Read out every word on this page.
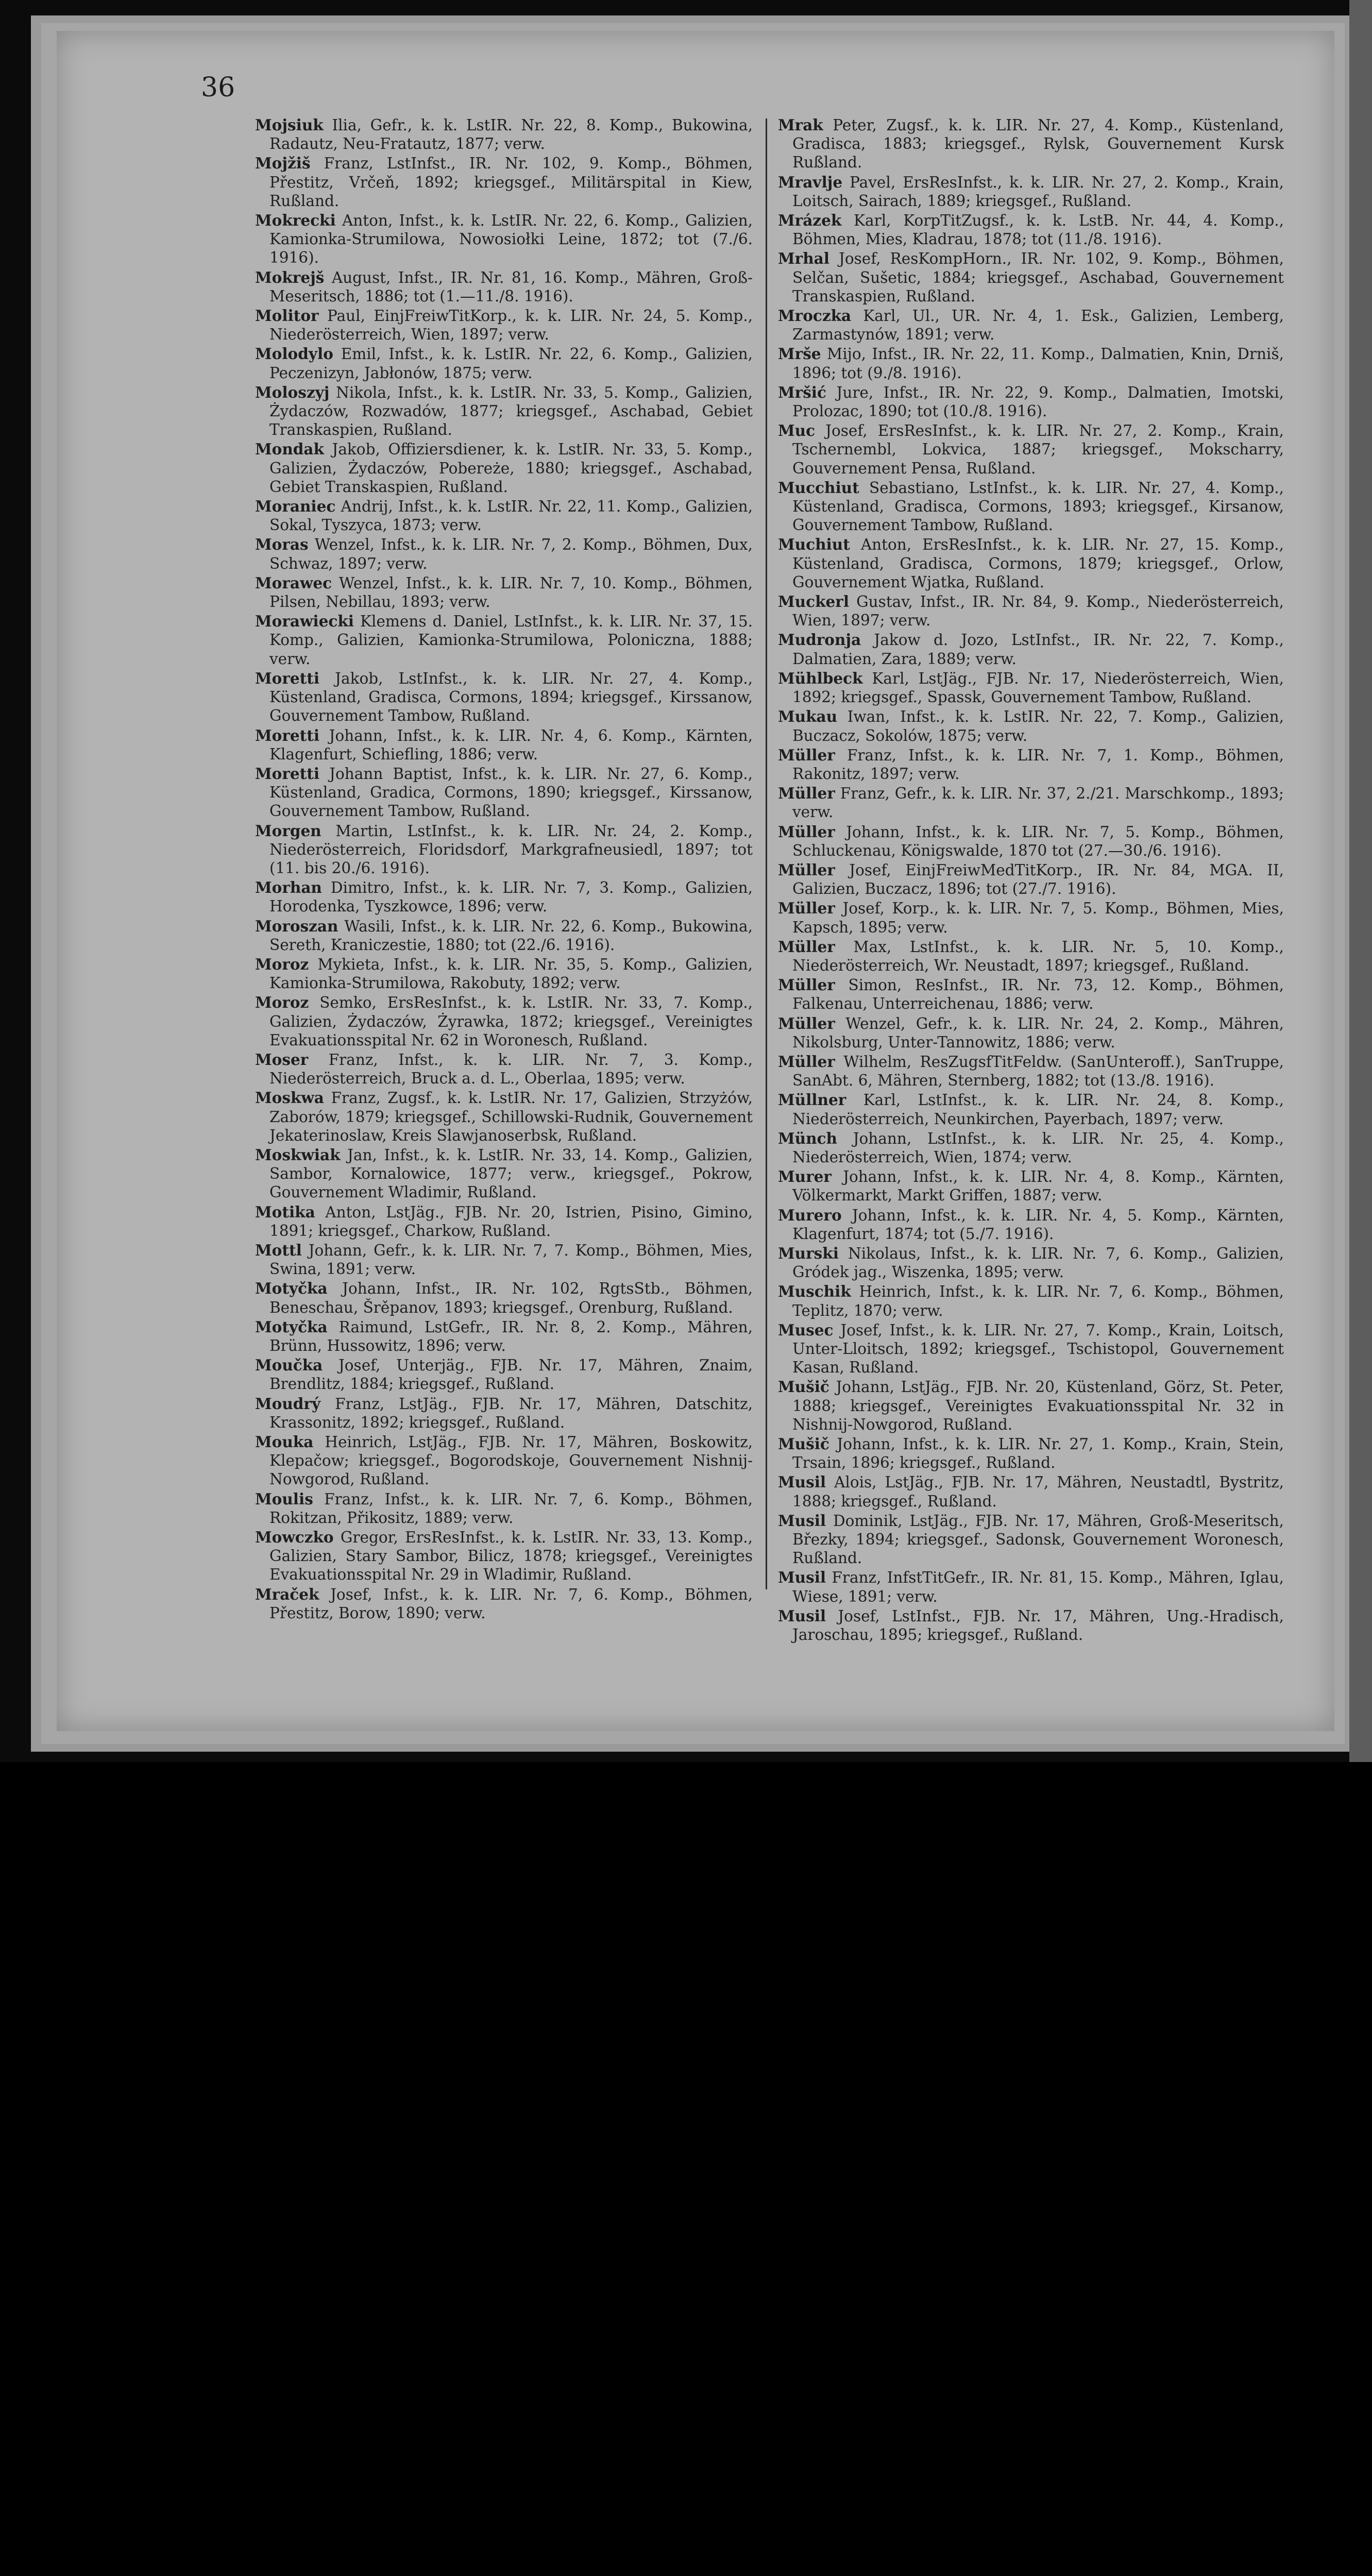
36
Mojsiuk Ilia, Gefr., k. k. LstIR. Nr. 22, 8. Komp., Bukowina, Radautz, Neu-Fratautz, 1877; verw.
Mojžiš Franz, LstInfst., IR. Nr. 102, 9. Komp., Böhmen, Přestitz, Vrčeň, 1892; kriegsgef., Militärspital in Kiew, Rußland.
Mokrecki Anton, Infst., k. k. LstIR. Nr. 22, 6. Komp., Galizien, Kamionka-Strumilowa, Nowosiołki Leine, 1872; tot (7./6. 1916).
Mokrejš August, Infst., IR. Nr. 81, 16. Komp., Mähren, Groß-Meseritsch, 1886; tot (1.—11./8. 1916).
Molitor Paul, EinjFreiwTitKorp., k. k. LIR. Nr. 24, 5. Komp., Niederösterreich, Wien, 1897; verw.
Molodylo Emil, Infst., k. k. LstIR. Nr. 22, 6. Komp., Galizien, Peczenizyn, Jabłonów, 1875; verw.
Moloszyj Nikola, Infst., k. k. LstIR. Nr. 33, 5. Komp., Galizien, Żydaczów, Rozwadów, 1877; kriegsgef., Aschabad, Gebiet Transkaspien, Rußland.
Mondak Jakob, Offiziersdiener, k. k. LstIR. Nr. 33, 5. Komp., Galizien, Żydaczów, Pobereże, 1880; kriegsgef., Aschabad, Gebiet Transkaspien, Rußland.
Moraniec Andrij, Infst., k. k. LstIR. Nr. 22, 11. Komp., Galizien, Sokal, Tyszyca, 1873; verw.
Moras Wenzel, Infst., k. k. LIR. Nr. 7, 2. Komp., Böhmen, Dux, Schwaz, 1897; verw.
Morawec Wenzel, Infst., k. k. LIR. Nr. 7, 10. Komp., Böhmen, Pilsen, Nebillau, 1893; verw.
Morawiecki Klemens d. Daniel, LstInfst., k. k. LIR. Nr. 37, 15. Komp., Galizien, Kamionka-Strumilowa, Poloniczna, 1888; verw.
Moretti Jakob, LstInfst., k. k. LIR. Nr. 27, 4. Komp., Küstenland, Gradisca, Cormons, 1894; kriegsgef., Kirssanow, Gouvernement Tambow, Rußland.
Moretti Johann, Infst., k. k. LIR. Nr. 4, 6. Komp., Kärnten, Klagenfurt, Schiefling, 1886; verw.
Moretti Johann Baptist, Infst., k. k. LIR. Nr. 27, 6. Komp., Küstenland, Gradica, Cormons, 1890; kriegsgef., Kirssanow, Gouvernement Tambow, Rußland.
Morgen Martin, LstInfst., k. k. LIR. Nr. 24, 2. Komp., Niederösterreich, Floridsdorf, Markgrafneusiedl, 1897; tot (11. bis 20./6. 1916).
Morhan Dimitro, Infst., k. k. LIR. Nr. 7, 3. Komp., Galizien, Horodenka, Tyszkowce, 1896; verw.
Moroszan Wasili, Infst., k. k. LIR. Nr. 22, 6. Komp., Bukowina, Sereth, Kraniczestie, 1880; tot (22./6. 1916).
Moroz Mykieta, Infst., k. k. LIR. Nr. 35, 5. Komp., Galizien, Kamionka-Strumilowa, Rakobuty, 1892; verw.
Moroz Semko, ErsResInfst., k. k. LstIR. Nr. 33, 7. Komp., Galizien, Żydaczów, Żyrawka, 1872; kriegsgef., Vereinigtes Evakuationsspital Nr. 62 in Woronesch, Rußland.
Moser Franz, Infst., k. k. LIR. Nr. 7, 3. Komp., Niederösterreich, Bruck a. d. L., Oberlaa, 1895; verw.
Moskwa Franz, Zugsf., k. k. LstIR. Nr. 17, Galizien, Strzyżów, Zaborów, 1879; kriegsgef., Schillowski-Rudnik, Gouvernement Jekaterinoslaw, Kreis Slawjanoserbsk, Rußland.
Moskwiak Jan, Infst., k. k. LstIR. Nr. 33, 14. Komp., Galizien, Sambor, Kornalowice, 1877; verw., kriegsgef., Pokrow, Gouvernement Wladimir, Rußland.
Motika Anton, LstJäg., FJB. Nr. 20, Istrien, Pisino, Gimino, 1891; kriegsgef., Charkow, Rußland.
Mottl Johann, Gefr., k. k. LIR. Nr. 7, 7. Komp., Böhmen, Mies, Swina, 1891; verw.
Motyčka Johann, Infst., IR. Nr. 102, RgtsStb., Böhmen, Beneschau, Šrěpanov, 1893; kriegsgef., Orenburg, Rußland.
Motyčka Raimund, LstGefr., IR. Nr. 8, 2. Komp., Mähren, Brünn, Hussowitz, 1896; verw.
Moučka Josef, Unterjäg., FJB. Nr. 17, Mähren, Znaim, Brendlitz, 1884; kriegsgef., Rußland.
Moudrý Franz, LstJäg., FJB. Nr. 17, Mähren, Datschitz, Krassonitz, 1892; kriegsgef., Rußland.
Mouka Heinrich, LstJäg., FJB. Nr. 17, Mähren, Boskowitz, Klepačow; kriegsgef., Bogorodskoje, Gouvernement Nishnij-Nowgorod, Rußland.
Moulis Franz, Infst., k. k. LIR. Nr. 7, 6. Komp., Böhmen, Rokitzan, Přikositz, 1889; verw.
Mowczko Gregor, ErsResInfst., k. k. LstIR. Nr. 33, 13. Komp., Galizien, Stary Sambor, Bilicz, 1878; kriegsgef., Vereinigtes Evakuationsspital Nr. 29 in Wladimir, Rußland.
Mraček Josef, Infst., k. k. LIR. Nr. 7, 6. Komp., Böhmen, Přestitz, Borow, 1890; verw.
Mrak Peter, Zugsf., k. k. LIR. Nr. 27, 4. Komp., Küstenland, Gradisca, 1883; kriegsgef., Rylsk, Gouvernement Kursk Rußland.
Mravlje Pavel, ErsResInfst., k. k. LIR. Nr. 27, 2. Komp., Krain, Loitsch, Sairach, 1889; kriegsgef., Rußland.
Mrázek Karl, KorpTitZugsf., k. k. LstB. Nr. 44, 4. Komp., Böhmen, Mies, Kladrau, 1878; tot (11./8. 1916).
Mrhal Josef, ResKompHorn., IR. Nr. 102, 9. Komp., Böhmen, Selčan, Sušetic, 1884; kriegsgef., Aschabad, Gouvernement Transkaspien, Rußland.
Mroczka Karl, Ul., UR. Nr. 4, 1. Esk., Galizien, Lemberg, Zarmastynów, 1891; verw.
Mrše Mijo, Infst., IR. Nr. 22, 11. Komp., Dalmatien, Knin, Drniš, 1896; tot (9./8. 1916).
Mršić Jure, Infst., IR. Nr. 22, 9. Komp., Dalmatien, Imotski, Prolozac, 1890; tot (10./8. 1916).
Muc Josef, ErsResInfst., k. k. LIR. Nr. 27, 2. Komp., Krain, Tschernembl, Lokvica, 1887; kriegsgef., Mokscharry, Gouvernement Pensa, Rußland.
Mucchiut Sebastiano, LstInfst., k. k. LIR. Nr. 27, 4. Komp., Küstenland, Gradisca, Cormons, 1893; kriegsgef., Kirsanow, Gouvernement Tambow, Rußland.
Muchiut Anton, ErsResInfst., k. k. LIR. Nr. 27, 15. Komp., Küstenland, Gradisca, Cormons, 1879; kriegsgef., Orlow, Gouvernement Wjatka, Rußland.
Muckerl Gustav, Infst., IR. Nr. 84, 9. Komp., Niederösterreich, Wien, 1897; verw.
Mudronja Jakow d. Jozo, LstInfst., IR. Nr. 22, 7. Komp., Dalmatien, Zara, 1889; verw.
Mühlbeck Karl, LstJäg., FJB. Nr. 17, Niederösterreich, Wien, 1892; kriegsgef., Spassk, Gouvernement Tambow, Rußland.
Mukau Iwan, Infst., k. k. LstIR. Nr. 22, 7. Komp., Galizien, Buczacz, Sokolów, 1875; verw.
Müller Franz, Infst., k. k. LIR. Nr. 7, 1. Komp., Böhmen, Rakonitz, 1897; verw.
Müller Franz, Gefr., k. k. LIR. Nr. 37, 2./21. Marschkomp., 1893; verw.
Müller Johann, Infst., k. k. LIR. Nr. 7, 5. Komp., Böhmen, Schluckenau, Königswalde, 1870 tot (27.—30./6. 1916).
Müller Josef, EinjFreiwMedTitKorp., IR. Nr. 84, MGA. II, Galizien, Buczacz, 1896; tot (27./7. 1916).
Müller Josef, Korp., k. k. LIR. Nr. 7, 5. Komp., Böhmen, Mies, Kapsch, 1895; verw.
Müller Max, LstInfst., k. k. LIR. Nr. 5, 10. Komp., Niederösterreich, Wr. Neustadt, 1897; kriegsgef., Rußland.
Müller Simon, ResInfst., IR. Nr. 73, 12. Komp., Böhmen, Falkenau, Unterreichenau, 1886; verw.
Müller Wenzel, Gefr., k. k. LIR. Nr. 24, 2. Komp., Mähren, Nikolsburg, Unter-Tannowitz, 1886; verw.
Müller Wilhelm, ResZugsfTitFeldw. (SanUnteroff.), SanTruppe, SanAbt. 6, Mähren, Sternberg, 1882; tot (13./8. 1916).
Müllner Karl, LstInfst., k. k. LIR. Nr. 24, 8. Komp., Niederösterreich, Neunkirchen, Payerbach, 1897; verw.
Münch Johann, LstInfst., k. k. LIR. Nr. 25, 4. Komp., Niederösterreich, Wien, 1874; verw.
Murer Johann, Infst., k. k. LIR. Nr. 4, 8. Komp., Kärnten, Völkermarkt, Markt Griffen, 1887; verw.
Murero Johann, Infst., k. k. LIR. Nr. 4, 5. Komp., Kärnten, Klagenfurt, 1874; tot (5./7. 1916).
Murski Nikolaus, Infst., k. k. LIR. Nr. 7, 6. Komp., Galizien, Gródek jag., Wiszenka, 1895; verw.
Muschik Heinrich, Infst., k. k. LIR. Nr. 7, 6. Komp., Böhmen, Teplitz, 1870; verw.
Musec Josef, Infst., k. k. LIR. Nr. 27, 7. Komp., Krain, Loitsch, Unter-Lloitsch, 1892; kriegsgef., Tschistopol, Gouvernement Kasan, Rußland.
Mušič Johann, LstJäg., FJB. Nr. 20, Küstenland, Görz, St. Peter, 1888; kriegsgef., Vereinigtes Evakuationsspital Nr. 32 in Nishnij-Nowgorod, Rußland.
Mušič Johann, Infst., k. k. LIR. Nr. 27, 1. Komp., Krain, Stein, Trsain, 1896; kriegsgef., Rußland.
Musil Alois, LstJäg., FJB. Nr. 17, Mähren, Neustadtl, Bystritz, 1888; kriegsgef., Rußland.
Musil Dominik, LstJäg., FJB. Nr. 17, Mähren, Groß-Meseritsch, Březky, 1894; kriegsgef., Sadonsk, Gouvernement Woronesch, Rußland.
Musil Franz, InfstTitGefr., IR. Nr. 81, 15. Komp., Mähren, Iglau, Wiese, 1891; verw.
Musil Josef, LstInfst., FJB. Nr. 17, Mähren, Ung.-Hradisch, Jaroschau, 1895; kriegsgef., Rußland.
